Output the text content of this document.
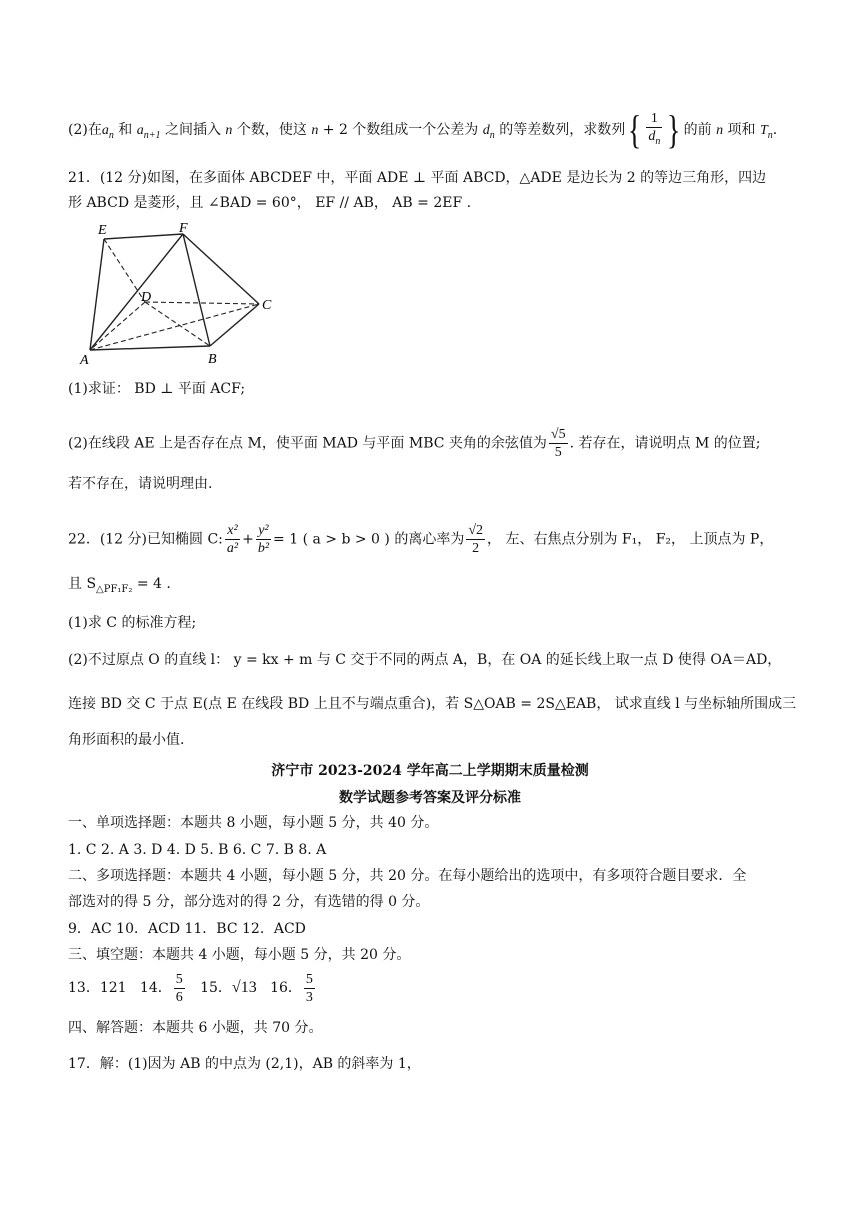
(2)在$a_n$ 和 $a_{n+1}$ 之间插入 n 个数，使这 n + 2 个数组成一个公差为 $d_n$ 的等差数列，求数列{ $\frac{1}{d_n}$ } 的前 n 项和 $T_n$.
21．(12 分)如图，在多面体 ABCDEF 中，平面 ADE ⊥ 平面 ABCD，△ADE 是边长为 2 的等边三角形，四边
形 ABCD 是菱形，且 ∠BAD = 60°， EF // AB， AB = 2EF .
E	F
D
C
A	B
(1)求证： BD ⊥ 平面 ACF;
(2)在线段 AE 上是否存在点 M，使平面 MAD 与平面 MBC 夹角的余弦值为 $\frac{√5}{5}$ . 若存在，请说明点 M 的位置;
若不存在，请说明理由.
22．(12 分)已知椭圆 C: $\frac{\text{x²}}{\text{a²}} + \frac{\text{y²}}{\text{b²}} = 1$ ( a > b > 0 ) 的离心率为 $\frac{√2}{2}$ ， 左、右焦点分别为 F₁， F₂， 上顶点为 P，
且 $S_{\triangle PF_1F_2} = 4$ .
(1)求 C 的标准方程;
(2)不过原点 O 的直线 l： y = kx + m 与 C 交于不同的两点 A，B，在 OA 的延长线上取一点 D 使得 OA＝AD，
连接 BD 交 C 于点 E(点 E 在线段 BD 上且不与端点重合)，若 S△OAB = 2S△EAB， 试求直线 l 与坐标轴所围成三
角形面积的最小值.
济宁市 2023-2024 学年高二上学期期末质量检测
数学试题参考答案及评分标准
一、单项选择题：本题共 8 小题，每小题 5 分，共 40 分。
1. C 2. A 3. D 4. D 5. B 6. C 7. B 8. A
二、多项选择题：本题共 4 小题，每小题 5 分，共 20 分。在每小题给出的选项中，有多项符合题目要求．全
部选对的得 5 分，部分选对的得 2 分，有选错的得 0 分。
9．AC 10．ACD 11．BC 12．ACD
三、填空题：本题共 4 小题，每小题 5 分，共 20 分。
13．121 14． $\frac{5}{6} 15$．√13 16． $\frac{5}{3}$
四、解答题：本题共 6 小题，共 70 分。
17．解：(1)因为 AB 的中点为 (2,1)，AB 的斜率为 1，
